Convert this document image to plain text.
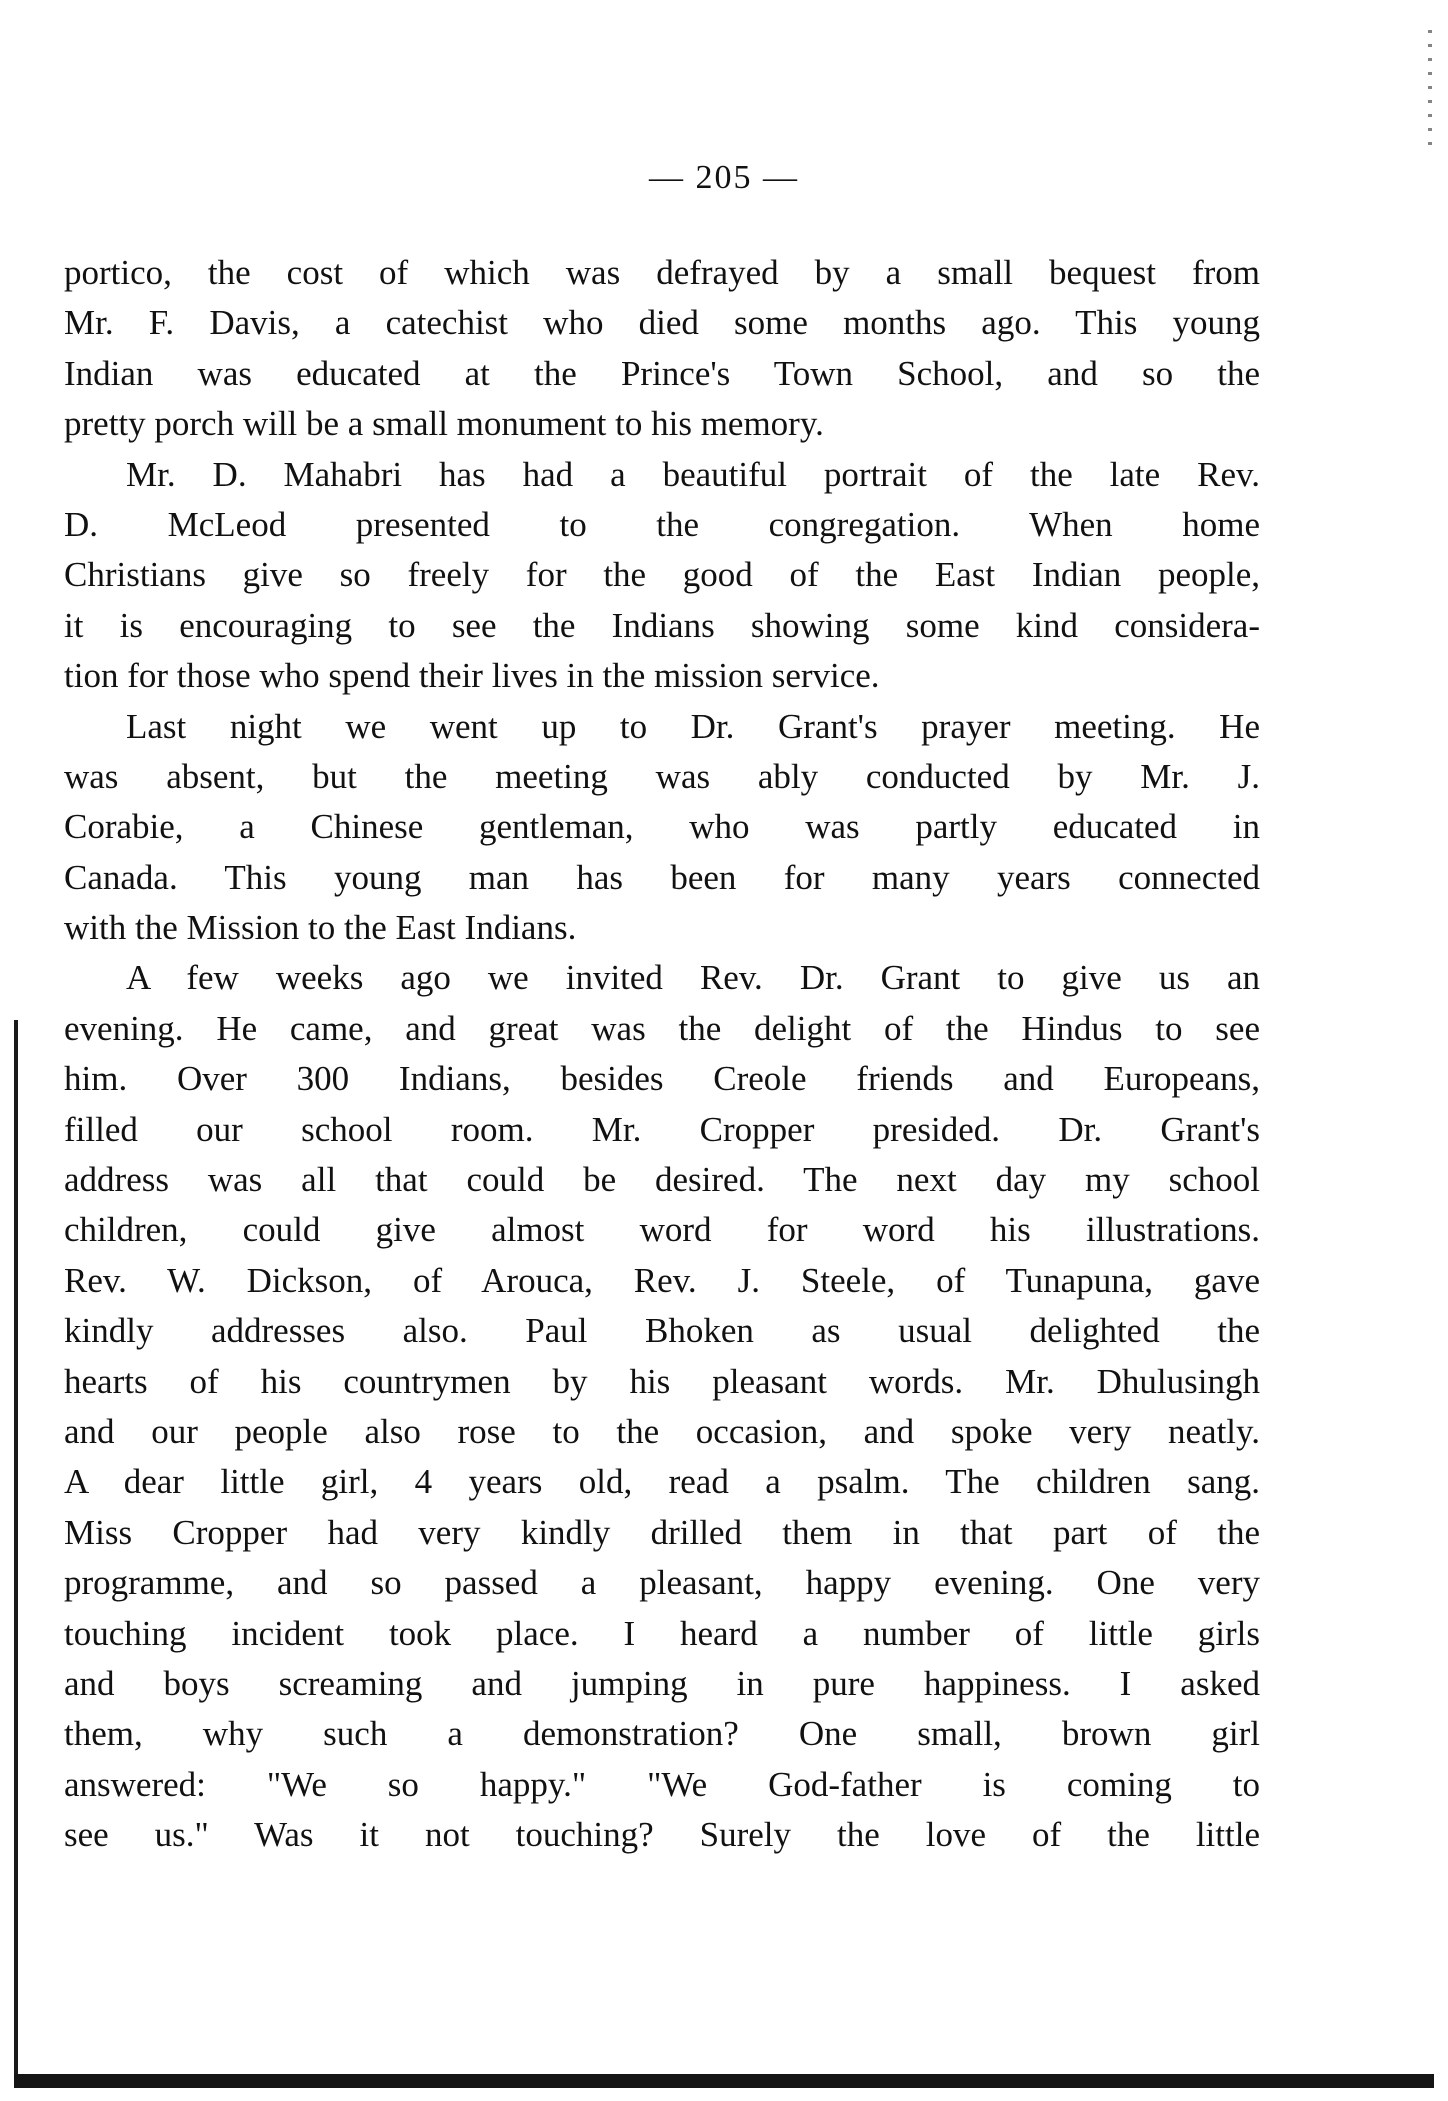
— 205 —
portico, the cost of which was defrayed by a small bequest from
Mr. F. Davis, a catechist who died some months ago. This young
Indian was educated at the Prince's Town School, and so the
pretty porch will be a small monument to his memory.
Mr. D. Mahabri has had a beautiful portrait of the late Rev.
D. McLeod presented to the congregation. When home
Christians give so freely for the good of the East Indian people,
it is encouraging to see the Indians showing some kind considera-
tion for those who spend their lives in the mission service.
Last night we went up to Dr. Grant's prayer meeting. He
was absent, but the meeting was ably conducted by Mr. J.
Corabie, a Chinese gentleman, who was partly educated in
Canada. This young man has been for many years connected
with the Mission to the East Indians.
A few weeks ago we invited Rev. Dr. Grant to give us an
evening. He came, and great was the delight of the Hindus to see
him. Over 300 Indians, besides Creole friends and Europeans,
filled our school room. Mr. Cropper presided. Dr. Grant's
address was all that could be desired. The next day my school
children, could give almost word for word his illustrations.
Rev. W. Dickson, of Arouca, Rev. J. Steele, of Tunapuna, gave
kindly addresses also. Paul Bhoken as usual delighted the
hearts of his countrymen by his pleasant words. Mr. Dhulusingh
and our people also rose to the occasion, and spoke very neatly.
A dear little girl, 4 years old, read a psalm. The children sang.
Miss Cropper had very kindly drilled them in that part of the
programme, and so passed a pleasant, happy evening. One very
touching incident took place. I heard a number of little girls
and boys screaming and jumping in pure happiness. I asked
them, why such a demonstration? One small, brown girl
answered: "We so happy." "We God-father is coming to
see us." Was it not touching? Surely the love of the little
